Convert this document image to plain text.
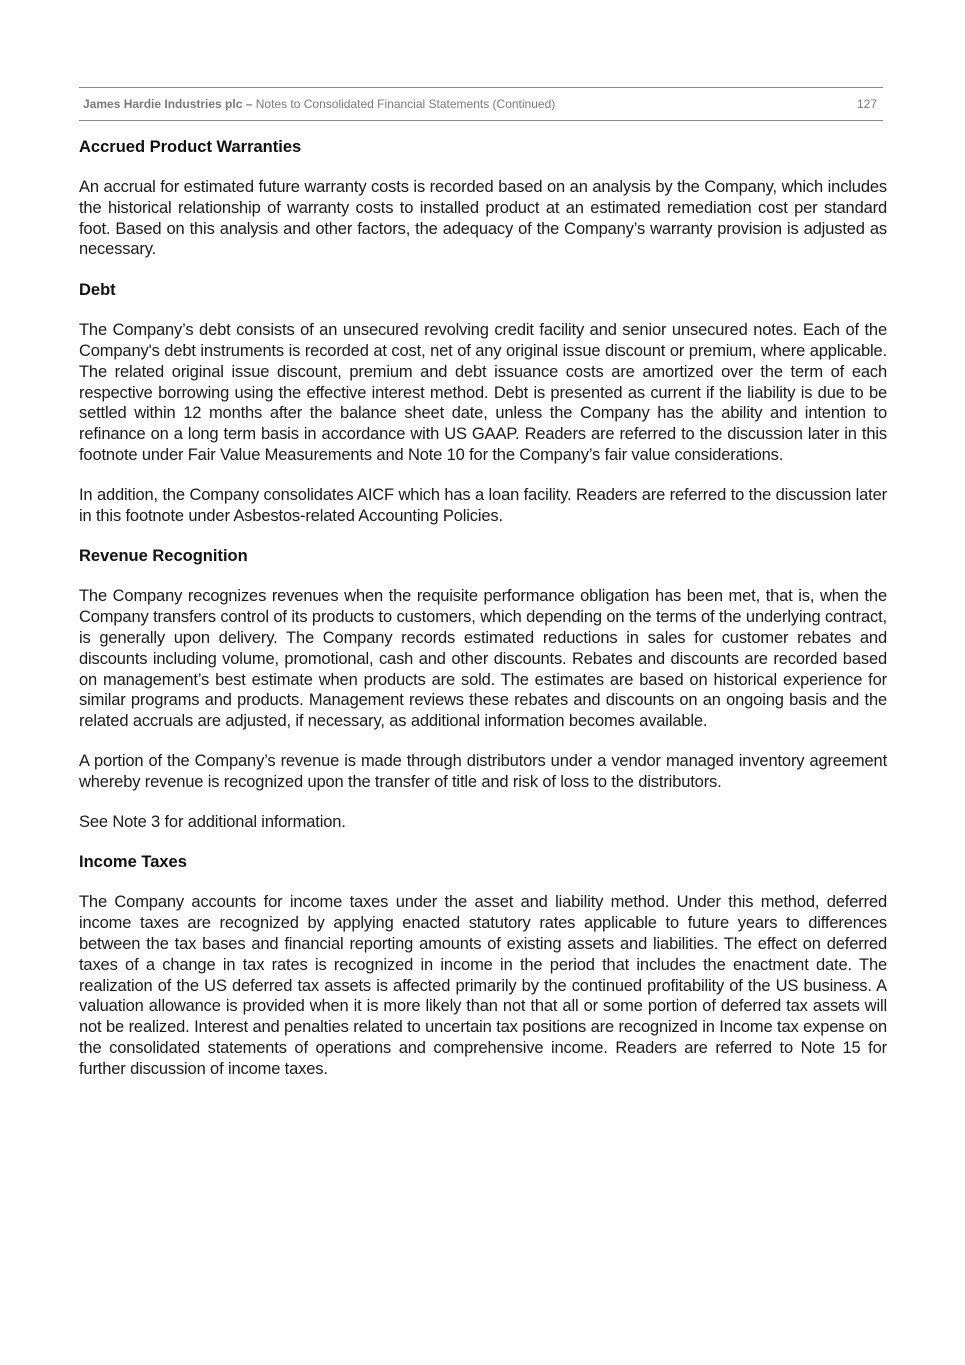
James Hardie Industries plc – Notes to Consolidated Financial Statements (Continued)	127
Accrued Product Warranties

An accrual for estimated future warranty costs is recorded based on an analysis by the Company, which includes the historical relationship of warranty costs to installed product at an estimated remediation cost per standard foot. Based on this analysis and other factors, the adequacy of the Company’s warranty provision is adjusted as necessary.

Debt

The Company’s debt consists of an unsecured revolving credit facility and senior unsecured notes. Each of the Company's debt instruments is recorded at cost, net of any original issue discount or premium, where applicable. The related original issue discount, premium and debt issuance costs are amortized over the term of each respective borrowing using the effective interest method. Debt is presented as current if the liability is due to be settled within 12 months after the balance sheet date, unless the Company has the ability and intention to refinance on a long term basis in accordance with US GAAP. Readers are referred to the discussion later in this footnote under Fair Value Measurements and Note 10 for the Company’s fair value considerations.

In addition, the Company consolidates AICF which has a loan facility. Readers are referred to the discussion later in this footnote under Asbestos-related Accounting Policies.

Revenue Recognition

The Company recognizes revenues when the requisite performance obligation has been met, that is, when the Company transfers control of its products to customers, which depending on the terms of the underlying contract, is generally upon delivery. The Company records estimated reductions in sales for customer rebates and discounts including volume, promotional, cash and other discounts. Rebates and discounts are recorded based on management’s best estimate when products are sold. The estimates are based on historical experience for similar programs and products. Management reviews these rebates and discounts on an ongoing basis and the related accruals are adjusted, if necessary, as additional information becomes available.

A portion of the Company’s revenue is made through distributors under a vendor managed inventory agreement whereby revenue is recognized upon the transfer of title and risk of loss to the distributors.

See Note 3 for additional information.

Income Taxes

The Company accounts for income taxes under the asset and liability method. Under this method, deferred income taxes are recognized by applying enacted statutory rates applicable to future years to differences between the tax bases and financial reporting amounts of existing assets and liabilities. The effect on deferred taxes of a change in tax rates is recognized in income in the period that includes the enactment date. The realization of the US deferred tax assets is affected primarily by the continued profitability of the US business. A valuation allowance is provided when it is more likely than not that all or some portion of deferred tax assets will not be realized. Interest and penalties related to uncertain tax positions are recognized in Income tax expense on the consolidated statements of operations and comprehensive income. Readers are referred to Note 15 for further discussion of income taxes.
